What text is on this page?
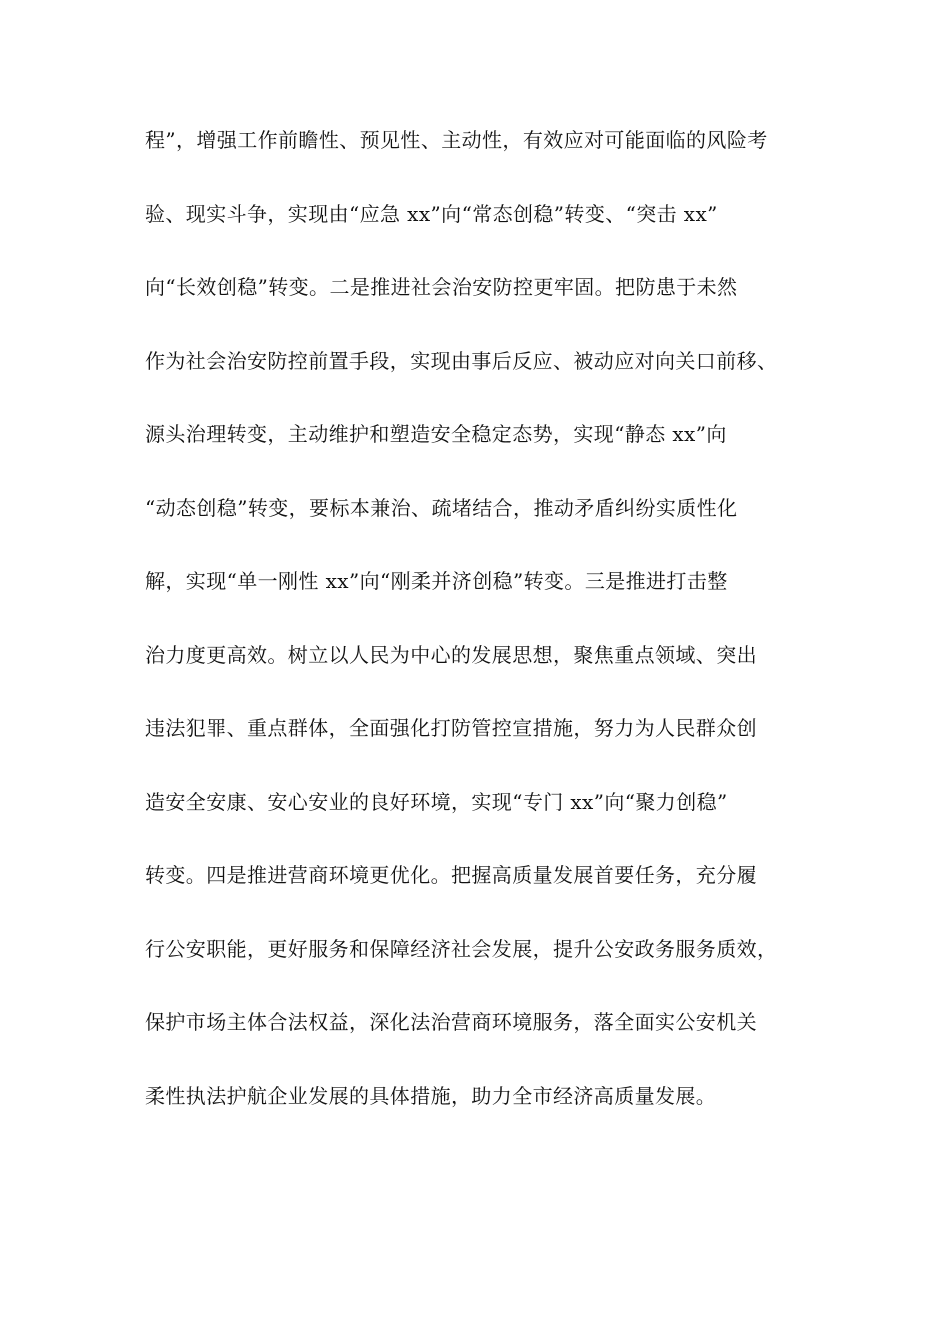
程”，增强工作前瞻性、预见性、主动性，有效应对可能面临的风险考
验、现实斗争，实现由“应急 xx”向“常态创稳”转变、“突击 xx”
向“长效创稳”转变。二是推进社会治安防控更牢固。把防患于未然
作为社会治安防控前置手段，实现由事后反应、被动应对向关口前移、
源头治理转变，主动维护和塑造安全稳定态势，实现“静态 xx”向
“动态创稳”转变，要标本兼治、疏堵结合，推动矛盾纠纷实质性化
解，实现“单一刚性 xx”向“刚柔并济创稳”转变。三是推进打击整
治力度更高效。树立以人民为中心的发展思想，聚焦重点领域、突出
违法犯罪、重点群体，全面强化打防管控宣措施，努力为人民群众创
造安全安康、安心安业的良好环境，实现“专门 xx”向“聚力创稳”
转变。四是推进营商环境更优化。把握高质量发展首要任务，充分履
行公安职能，更好服务和保障经济社会发展，提升公安政务服务质效，
保护市场主体合法权益，深化法治营商环境服务，落全面实公安机关
柔性执法护航企业发展的具体措施，助力全市经济高质量发展。
